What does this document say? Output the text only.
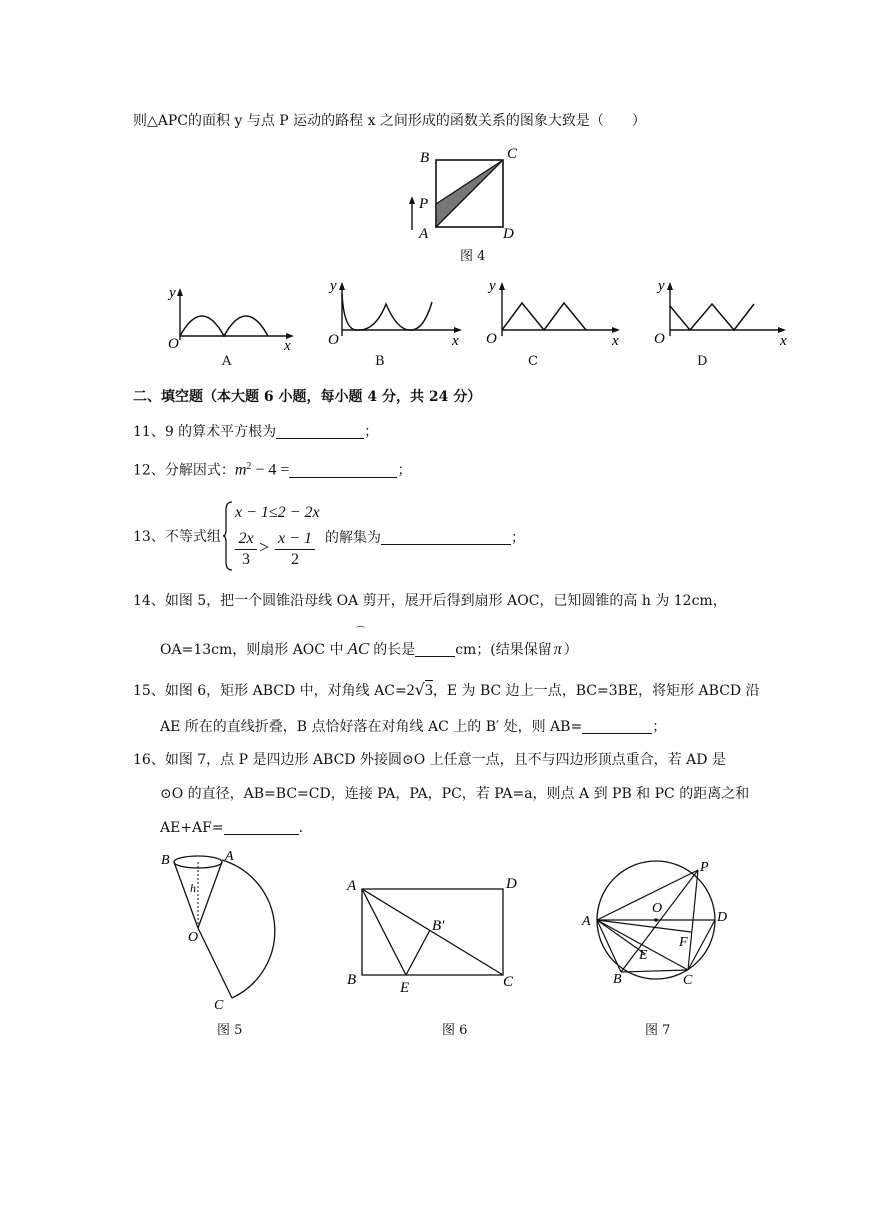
则△APC的面积 y 与点 P 运动的路程 x 之间形成的函数关系的图象大致是（　　）
B	C
P
A	D
图 4
y
O	x
A
y
O	x
B
y
O	x
C
y
O	x
D
二、填空题（本大题 6 小题，每小题 4 分，共 24 分）
11、9 的算术平方根为	；
12、分解因式：$m^2 - 4$ =	；
13、不等式组
x − 1≤2 − 2x
2x
3
> x − 1
2
的解集为	；
14、如图 5，把一个圆锥沿母线 OA 剪开，展开后得到扇形 AOC，已知圆锥的高 h 为 12cm，
OA=13cm，则扇形 AOC 中
⌒
AC 的长是	cm；(结果保留 π ）
15、如图 6，矩形 ABCD 中，对角线 AC=2√3，E 为 BC 边上一点，BC=3BE，将矩形 ABCD 沿
AE 所在的直线折叠，B 点恰好落在对角线 AC 上的 B′ 处，则 AB=	；
16、如图 7，点 P 是四边形 ABCD 外接圆⊙O 上任意一点，且不与四边形顶点重合，若 AD 是
⊙O 的直径，AB=BC=CD，连接 PA，PA，PC，若 PA=a，则点 A 到 PB 和 PC 的距离之和
AE+AF=	.
B	A
h
O
C
图 5
A	D
B′
B	E	C
图 6
P
O
A	D
F
E
B	C
图 7
